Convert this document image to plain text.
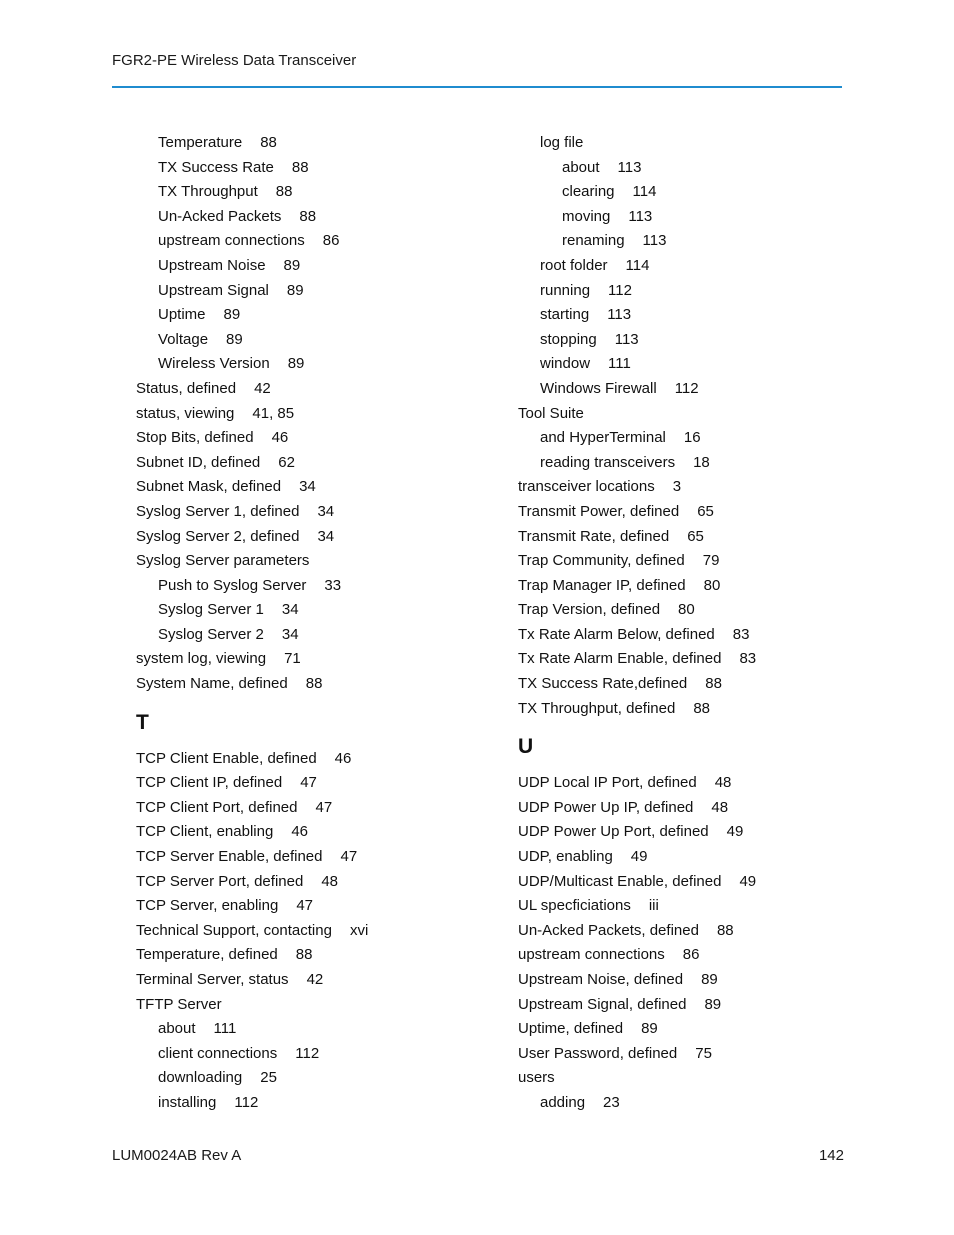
FGR2-PE Wireless Data Transceiver
Temperature 88
TX Success Rate 88
TX Throughput 88
Un-Acked Packets 88
upstream connections 86
Upstream Noise 89
Upstream Signal 89
Uptime 89
Voltage 89
Wireless Version 89
Status, defined 42
status, viewing 41, 85
Stop Bits, defined 46
Subnet ID, defined 62
Subnet Mask, defined 34
Syslog Server 1, defined 34
Syslog Server 2, defined 34
Syslog Server parameters
Push to Syslog Server 33
Syslog Server 1 34
Syslog Server 2 34
system log, viewing 71
System Name, defined 88
T
TCP Client Enable, defined 46
TCP Client IP, defined 47
TCP Client Port, defined 47
TCP Client, enabling 46
TCP Server Enable, defined 47
TCP Server Port, defined 48
TCP Server, enabling 47
Technical Support, contacting xvi
Temperature, defined 88
Terminal Server, status 42
TFTP Server
about 111
client connections 112
downloading 25
installing 112
log file
about 113
clearing 114
moving 113
renaming 113
root folder 114
running 112
starting 113
stopping 113
window 111
Windows Firewall 112
Tool Suite
and HyperTerminal 16
reading transceivers 18
transceiver locations 3
Transmit Power, defined 65
Transmit Rate, defined 65
Trap Community, defined 79
Trap Manager IP, defined 80
Trap Version, defined 80
Tx Rate Alarm Below, defined 83
Tx Rate Alarm Enable, defined 83
TX Success Rate,defined 88
TX Throughput, defined 88
U
UDP Local IP Port, defined 48
UDP Power Up IP, defined 48
UDP Power Up Port, defined 49
UDP, enabling 49
UDP/Multicast Enable, defined 49
UL specficiations iii
Un-Acked Packets, defined 88
upstream connections 86
Upstream Noise, defined 89
Upstream Signal, defined 89
Uptime, defined 89
User Password, defined 75
users
adding 23
LUM0024AB Rev A	142
